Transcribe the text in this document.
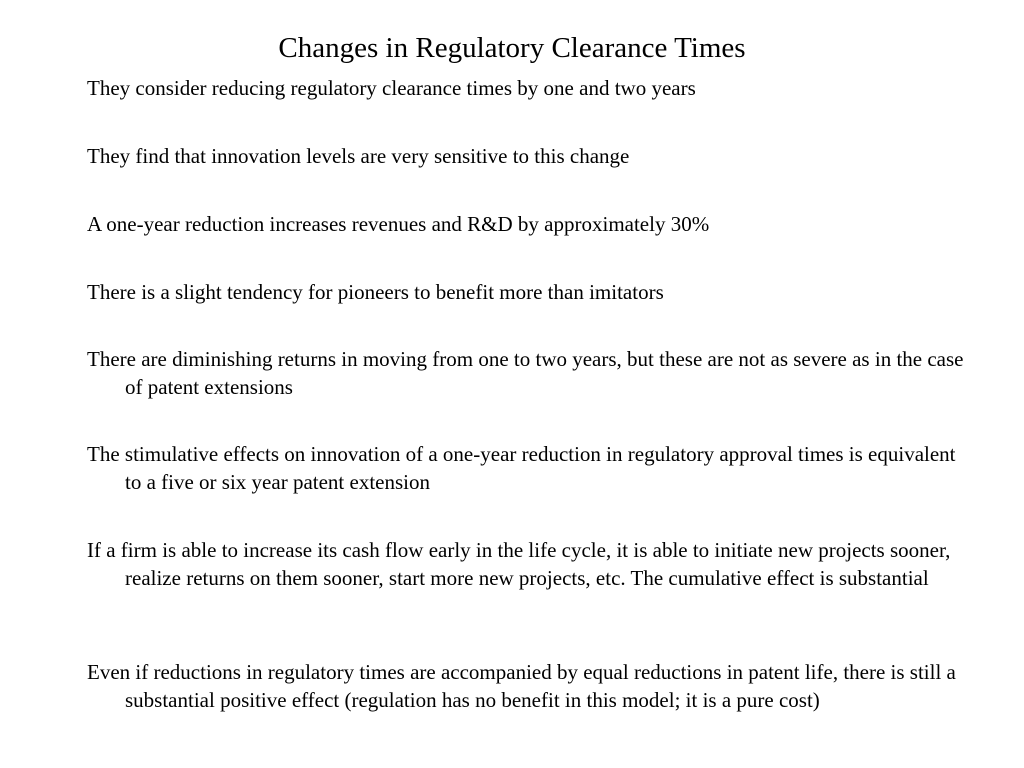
Changes in Regulatory Clearance Times

They consider reducing regulatory clearance times by one and two years

They find that innovation levels are very sensitive to this change

A one-year reduction increases revenues and R&D by approximately 30%

There is a slight tendency for pioneers to benefit more than imitators

There are diminishing returns in moving from one to two years, but these are not as severe as in the case of patent extensions

The stimulative effects on innovation of a one-year reduction in regulatory approval times is equivalent to a five or six year patent extension

If a firm is able to increase its cash flow early in the life cycle, it is able to initiate new projects sooner, realize returns on them sooner, start more new projects, etc. The cumulative effect is substantial

Even if reductions in regulatory times are accompanied by equal reductions in patent life, there is still a substantial positive effect (regulation has no benefit in this model; it is a pure cost)
